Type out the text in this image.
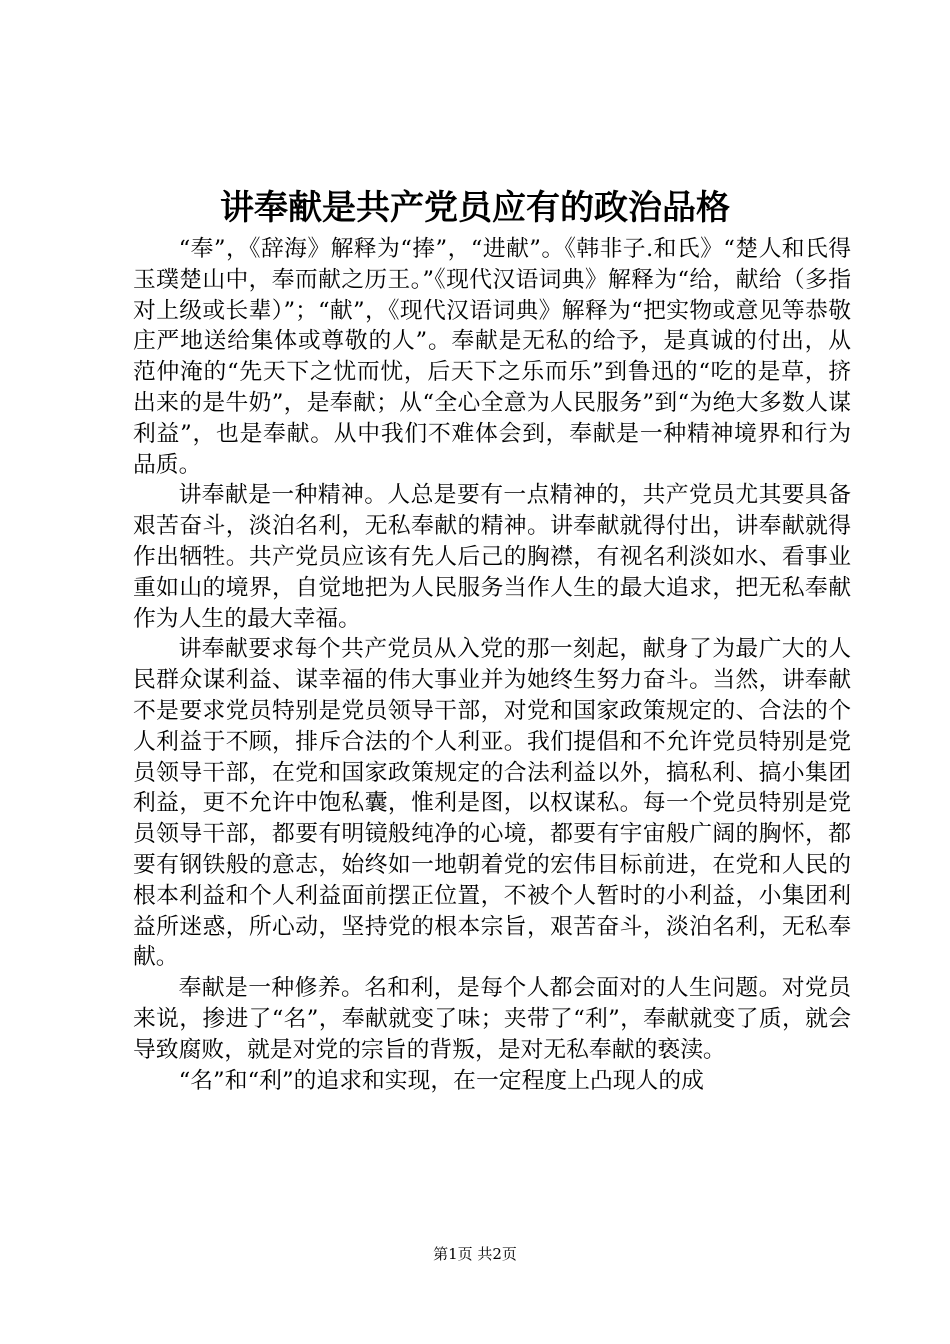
讲奉献是共产党员应有的政治品格

“奉”，《辞海》解释为“捧”，“进献”。《韩非子.和氏》“楚人和氏得玉璞楚山中，奉而献之历王。”《现代汉语词典》解释为“给，献给（多指对上级或长辈）”；“献”，《现代汉语词典》解释为“把实物或意见等恭敬庄严地送给集体或尊敬的人”。奉献是无私的给予，是真诚的付出，从范仲淹的“先天下之忧而忧，后天下之乐而乐”到鲁迅的“吃的是草，挤出来的是牛奶”，是奉献；从“全心全意为人民服务”到“为绝大多数人谋利益”，也是奉献。从中我们不难体会到，奉献是一种精神境界和行为品质。

讲奉献是一种精神。人总是要有一点精神的，共产党员尤其要具备艰苦奋斗，淡泊名利，无私奉献的精神。讲奉献就得付出，讲奉献就得作出牺牲。共产党员应该有先人后己的胸襟，有视名利淡如水、看事业重如山的境界，自觉地把为人民服务当作人生的最大追求，把无私奉献作为人生的最大幸福。

讲奉献要求每个共产党员从入党的那一刻起，献身了为最广大的人民群众谋利益、谋幸福的伟大事业并为她终生努力奋斗。当然，讲奉献不是要求党员特别是党员领导干部，对党和国家政策规定的、合法的个人利益于不顾，排斥合法的个人利亚。我们提倡和不允许党员特别是党员领导干部，在党和国家政策规定的合法利益以外，搞私利、搞小集团利益，更不允许中饱私囊，惟利是图，以权谋私。每一个党员特别是党员领导干部，都要有明镜般纯净的心境，都要有宇宙般广阔的胸怀，都要有钢铁般的意志，始终如一地朝着党的宏伟目标前进，在党和人民的根本利益和个人利益面前摆正位置，不被个人暂时的小利益，小集团利益所迷惑，所心动，坚持党的根本宗旨，艰苦奋斗，淡泊名利，无私奉献。

奉献是一种修养。名和利，是每个人都会面对的人生问题。对党员来说，掺进了“名”，奉献就变了味；夹带了“利”，奉献就变了质，就会导致腐败，就是对党的宗旨的背叛，是对无私奉献的亵渎。

“名”和“利”的追求和实现，在一定程度上凸现人的成

第1页 共2页
